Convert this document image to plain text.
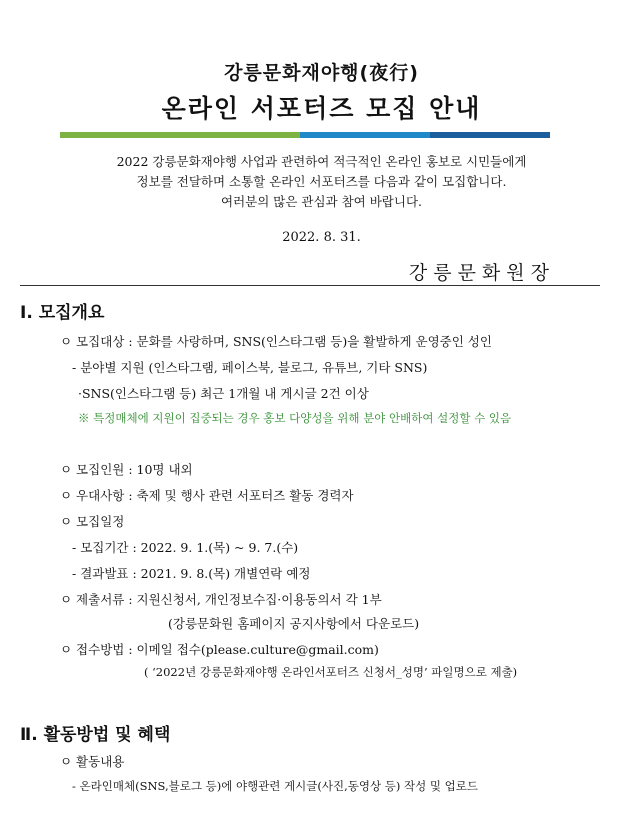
강릉문화재야행(夜行)
온라인 서포터즈 모집 안내
2022 강릉문화재야행 사업과 관련하여 적극적인 온라인 홍보로 시민들에게
정보를 전달하며 소통할 온라인 서포터즈를 다음과 같이 모집합니다.
여러분의 많은 관심과 참여 바랍니다.
2022. 8. 31.
강릉문화원장
Ⅰ. 모집개요
ㅇ 모집대상 : 문화를 사랑하며, SNS(인스타그램 등)을 활발하게 운영중인 성인
- 분야별 지원 (인스타그램, 페이스북, 블로그, 유튜브, 기타 SNS)
·SNS(인스타그램 등) 최근 1개월 내 게시글 2건 이상
※ 특정매체에 지원이 집중되는 경우 홍보 다양성을 위해 분야 안배하여 설정할 수 있음
ㅇ 모집인원 : 10명 내외
ㅇ 우대사항 : 축제 및 행사 관련 서포터즈 활동 경력자
ㅇ 모집일정
- 모집기간 : 2022. 9. 1.(목) ~ 9. 7.(수)
- 결과발표 : 2021. 9. 8.(목) 개별연락 예정
ㅇ 제출서류 : 지원신청서, 개인정보수집·이용동의서 각 1부
(강릉문화원 홈페이지 공지사항에서 다운로드)
ㅇ 접수방법 : 이메일 접수(please.culture@gmail.com)
( ‘2022년 강릉문화재야행 온라인서포터즈 신청서_성명’ 파일명으로 제출)
Ⅱ. 활동방법 및 혜택
ㅇ 활동내용
- 온라인매체(SNS,블로그 등)에 야행관련 게시글(사진,동영상 등) 작성 및 업로드
